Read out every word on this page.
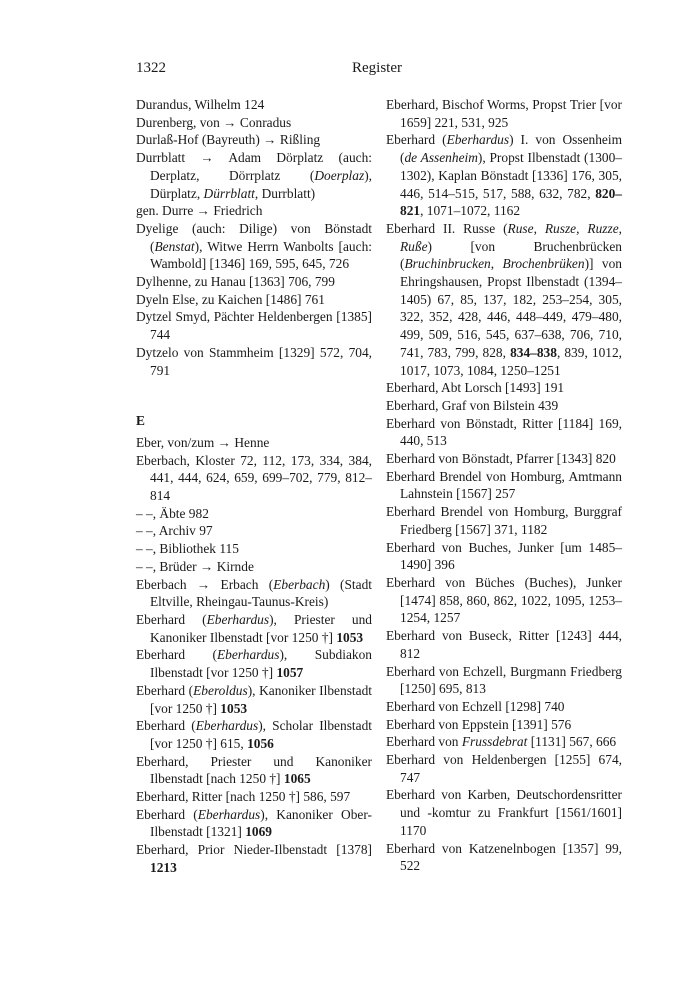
1322	Register

Durandus, Wilhelm 124

Durenberg, von → Conradus

Durlaß-Hof (Bayreuth) → Rißling

Durrblatt → Adam Dörplatz (auch: Derplatz, Dörrplatz (Doerplaz), Dürplatz, Dürrblatt, Durrblatt)

gen. Durre → Friedrich

Dyelige (auch: Dilige) von Bönstadt (Benstat), Witwe Herrn Wanbolts [auch: Wambold] [1346] 169, 595, 645, 726

Dylhenne, zu Hanau [1363] 706, 799

Dyeln Else, zu Kaichen [1486] 761

Dytzel Smyd, Pächter Heldenbergen [1385] 744

Dytzelo von Stammheim [1329] 572, 704, 791

E

Eber, von/zum → Henne

Eberbach, Kloster 72, 112, 173, 334, 384, 441, 444, 624, 659, 699–702, 779, 812–814

– –, Äbte 982

– –, Archiv 97

– –, Bibliothek 115

– –, Brüder → Kirnde

Eberbach → Erbach (Eberbach) (Stadt Eltville, Rheingau-Taunus-Kreis)

Eberhard (Eberhardus), Priester und Kanoniker Ilbenstadt [vor 1250 †] 1053

Eberhard (Eberhardus), Subdiakon Ilbenstadt [vor 1250 †] 1057

Eberhard (Eberoldus), Kanoniker Ilbenstadt [vor 1250 †] 1053

Eberhard (Eberhardus), Scholar Ilbenstadt [vor 1250 †] 615, 1056

Eberhard, Priester und Kanoniker Ilbenstadt [nach 1250 †] 1065

Eberhard, Ritter [nach 1250 †] 586, 597

Eberhard (Eberhardus), Kanoniker Ober-Ilbenstadt [1321] 1069

Eberhard, Prior Nieder-Ilbenstadt [1378] 1213

Eberhard, Bischof Worms, Propst Trier [vor 1659] 221, 531, 925

Eberhard (Eberhardus) I. von Ossenheim (de Assenheim), Propst Ilbenstadt (1300–1302), Kaplan Bönstadt [1336] 176, 305, 446, 514–515, 517, 588, 632, 782, 820–821, 1071–1072, 1162

Eberhard II. Russe (Ruse, Rusze, Ruzze, Ruße) [von Bruchenbrücken (Bruchinbrucken, Brochenbrüken)] von Ehringshausen, Propst Ilbenstadt (1394–1405) 67, 85, 137, 182, 253–254, 305, 322, 352, 428, 446, 448–449, 479–480, 499, 509, 516, 545, 637–638, 706, 710, 741, 783, 799, 828, 834–838, 839, 1012, 1017, 1073, 1084, 1250–1251

Eberhard, Abt Lorsch [1493] 191

Eberhard, Graf von Bilstein 439

Eberhard von Bönstadt, Ritter [1184] 169, 440, 513

Eberhard von Bönstadt, Pfarrer [1343] 820

Eberhard Brendel von Homburg, Amtmann Lahnstein [1567] 257

Eberhard Brendel von Homburg, Burggraf Friedberg [1567] 371, 1182

Eberhard von Buches, Junker [um 1485–1490] 396

Eberhard von Büches (Buches), Junker [1474] 858, 860, 862, 1022, 1095, 1253–1254, 1257

Eberhard von Buseck, Ritter [1243] 444, 812

Eberhard von Echzell, Burgmann Friedberg [1250] 695, 813

Eberhard von Echzell [1298] 740

Eberhard von Eppstein [1391] 576

Eberhard von Frussdebrat [1131] 567, 666

Eberhard von Heldenbergen [1255] 674, 747

Eberhard von Karben, Deutschordensritter und -komtur zu Frankfurt [1561/1601] 1170

Eberhard von Katzenelnbogen [1357] 99, 522
